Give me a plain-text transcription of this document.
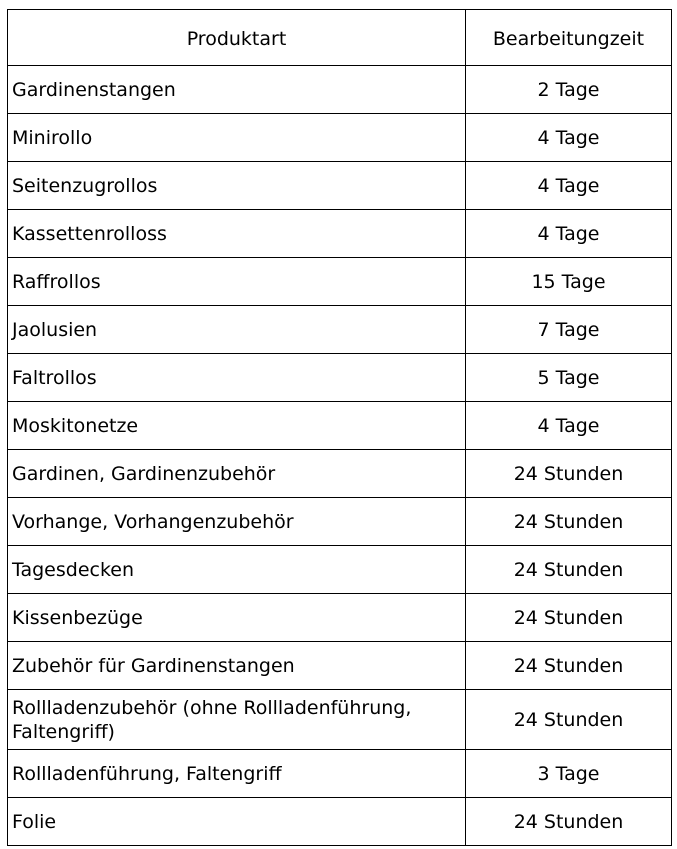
Produktart	Bearbeitungzeit
Gardinenstangen	2 Tage
Minirollo	4 Tage
Seitenzugrollos	4 Tage
Kassettenrolloss	4 Tage
Raffrollos	15 Tage
Jaolusien	7 Tage
Faltrollos	5 Tage
Moskitonetze	4 Tage
Gardinen, Gardinenzubehör	24 Stunden
Vorhange, Vorhangenzubehör	24 Stunden
Tagesdecken	24 Stunden
Kissenbezüge	24 Stunden
Zubehör für Gardinenstangen	24 Stunden
Rollladenzubehör (ohne Rollladenführung, Faltengriff)	24 Stunden
Rollladenführung, Faltengriff	3 Tage
Folie	24 Stunden
